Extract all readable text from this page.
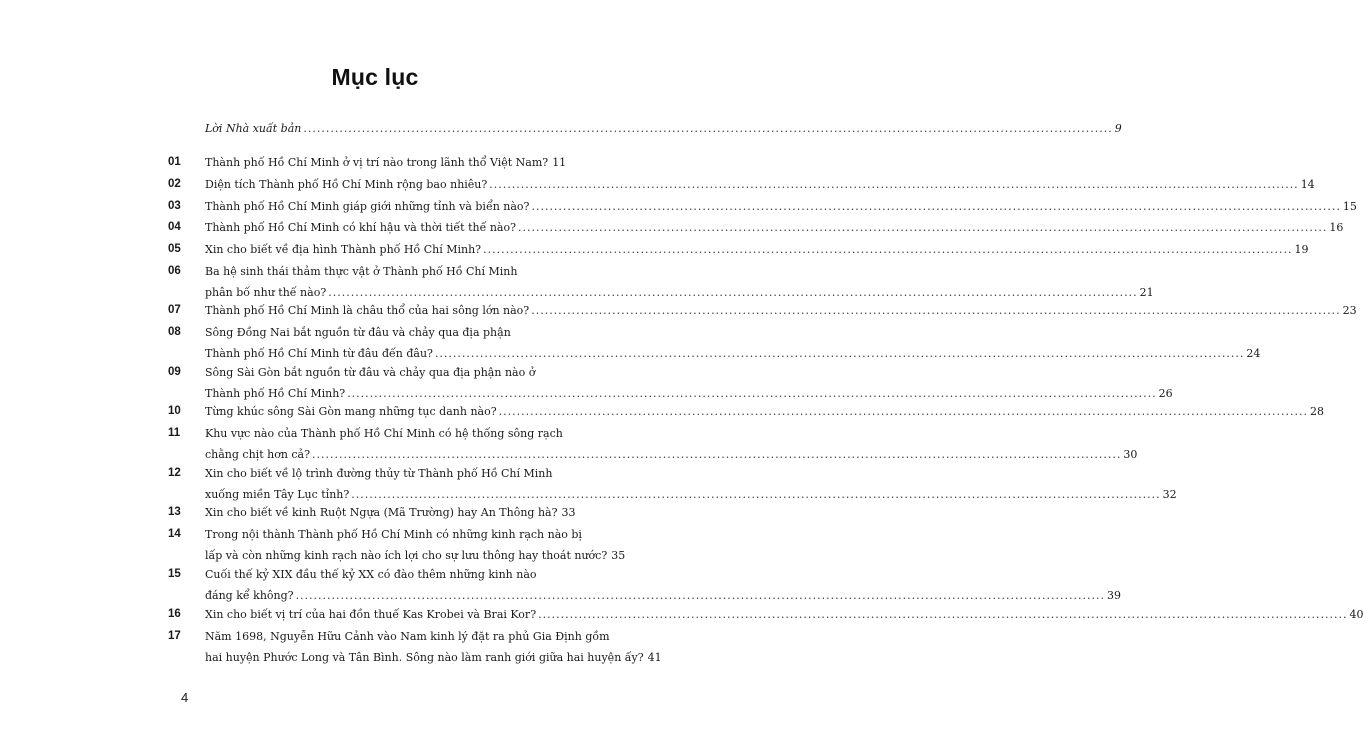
Mục lục
Lời Nhà xuất bản .................................................................................................................................................................................... 9
01	Thành phố Hồ Chí Minh ở vị trí nào trong lãnh thổ Việt Nam? 11
02	Diện tích Thành phố Hồ Chí Minh rộng bao nhiêu? .................................................................................................................................................................................... 14
03	Thành phố Hồ Chí Minh giáp giới những tỉnh và biển nào? .................................................................................................................................................................................... 15
04	Thành phố Hồ Chí Minh có khí hậu và thời tiết thế nào? .................................................................................................................................................................................... 16
05	Xin cho biết về địa hình Thành phố Hồ Chí Minh? .................................................................................................................................................................................... 19
06	Ba hệ sinh thái thảm thực vật ở Thành phố Hồ Chí Minh
phân bố như thế nào? .................................................................................................................................................................................... 21
07	Thành phố Hồ Chí Minh là châu thổ của hai sông lớn nào? .................................................................................................................................................................................... 23
08	Sông Đồng Nai bắt nguồn từ đâu và chảy qua địa phận
Thành phố Hồ Chí Minh từ đâu đến đâu? .................................................................................................................................................................................... 24
09	Sông Sài Gòn bắt nguồn từ đâu và chảy qua địa phận nào ở
Thành phố Hồ Chí Minh? .................................................................................................................................................................................... 26
10	Từng khúc sông Sài Gòn mang những tục danh nào? .................................................................................................................................................................................... 28
11	Khu vực nào của Thành phố Hồ Chí Minh có hệ thống sông rạch
chằng chịt hơn cả? .................................................................................................................................................................................... 30
12	Xin cho biết về lộ trình đường thủy từ Thành phố Hồ Chí Minh
xuống miền Tây Lục tỉnh? .................................................................................................................................................................................... 32
13	Xin cho biết về kinh Ruột Ngựa (Mã Trường) hay An Thông hà? 33
14	Trong nội thành Thành phố Hồ Chí Minh có những kinh rạch nào bị
lấp và còn những kinh rạch nào ích lợi cho sự lưu thông hay thoát nước? 35
15	Cuối thế kỷ XIX đầu thế kỷ XX có đào thêm những kinh nào
đáng kể không? .................................................................................................................................................................................... 39
16	Xin cho biết vị trí của hai đồn thuế Kas Krobei và Brai Kor? .................................................................................................................................................................................... 40
17	Năm 1698, Nguyễn Hữu Cảnh vào Nam kinh lý đặt ra phủ Gia Định gồm
hai huyện Phước Long và Tân Bình. Sông nào làm ranh giới giữa hai huyện ấy? 41
4
